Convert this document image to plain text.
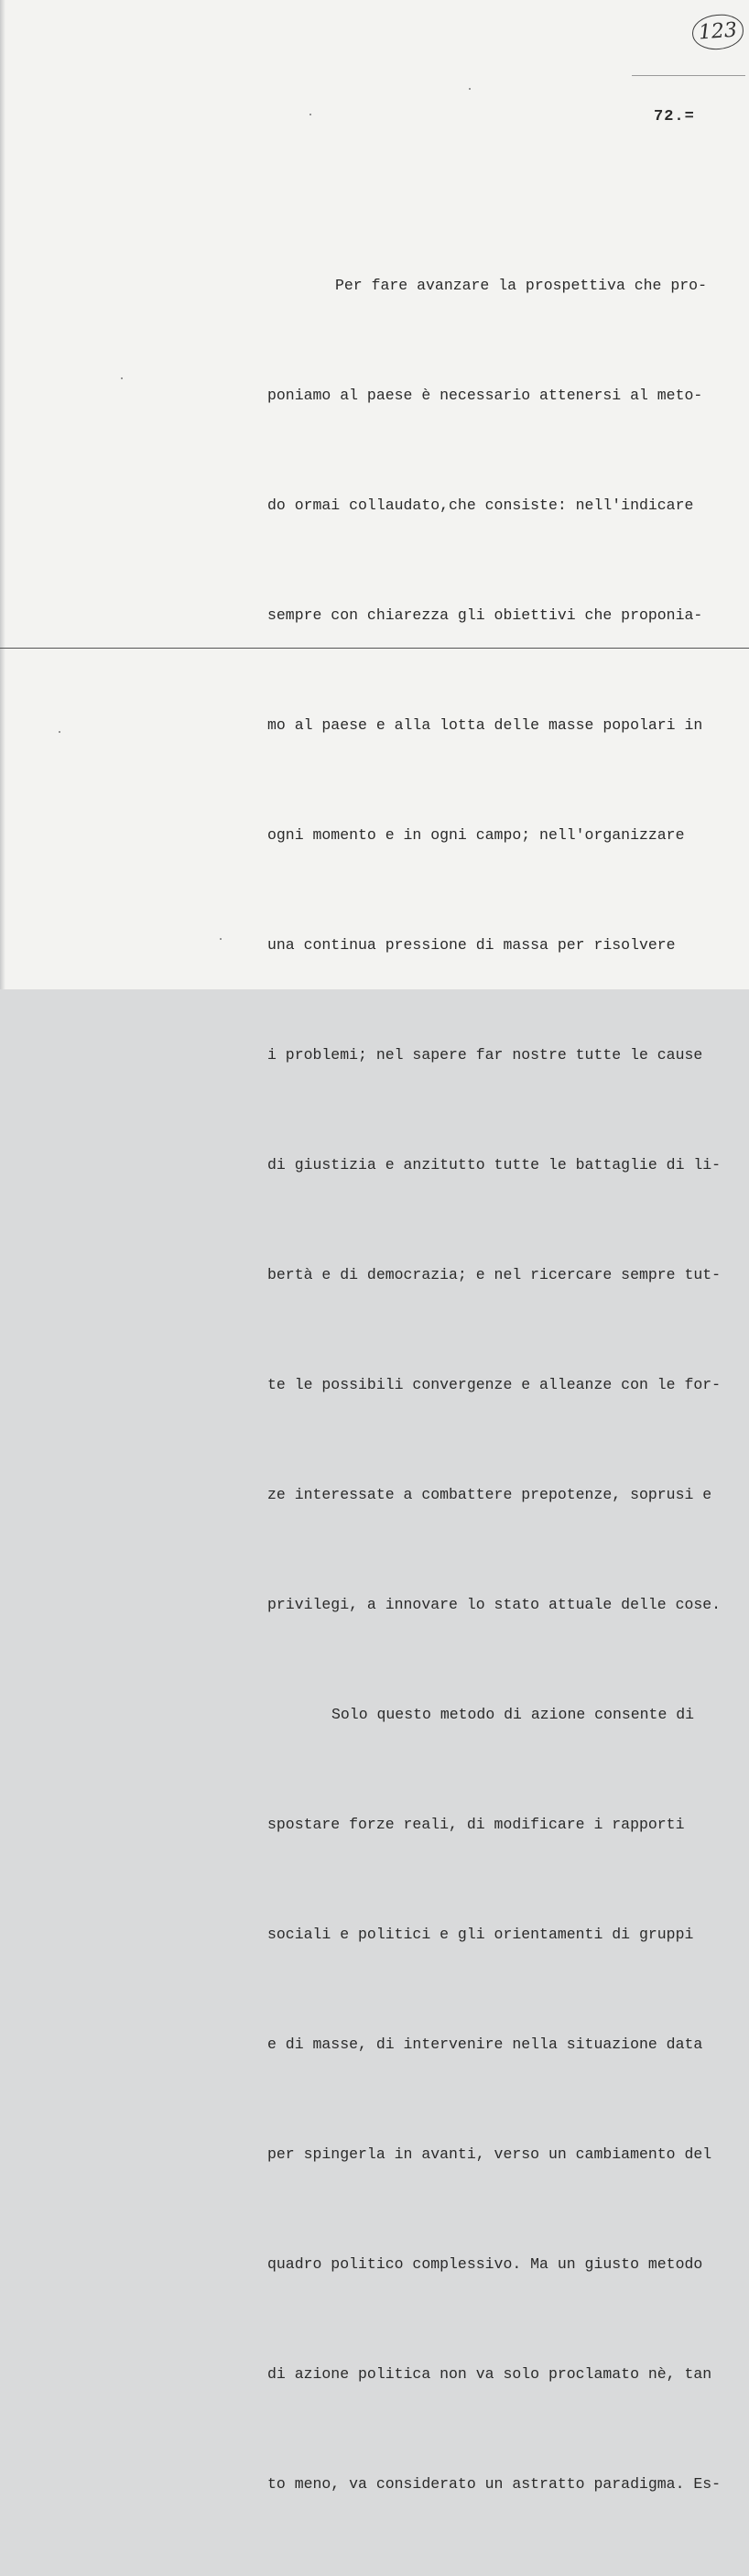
123
72.=

Per fare avanzare la prospettiva che pro-

poniamo al paese è necessario attenersi al meto-

do ormai collaudato,che consiste: nell'indicare

sempre con chiarezza gli obiettivi che proponia-

mo al paese e alla lotta delle masse popolari in

ogni momento e in ogni campo; nell'organizzare

una continua pressione di massa per risolvere

i problemi; nel sapere far nostre tutte le cause

di giustizia e anzitutto tutte le battaglie di li-

bertà e di democrazia; e nel ricercare sempre tut-

te le possibili convergenze e alleanze con le for-

ze interessate a combattere prepotenze, soprusi e

privilegi, a innovare lo stato attuale delle cose.

Solo questo metodo di azione consente di

spostare forze reali, di modificare i rapporti

sociali e politici e gli orientamenti di gruppi

e di masse, di intervenire nella situazione data

per spingerla in avanti, verso un cambiamento del

quadro politico complessivo. Ma un giusto metodo

di azione politica non va solo proclamato nè, tan

to meno, va considerato un astratto paradigma. Es-
